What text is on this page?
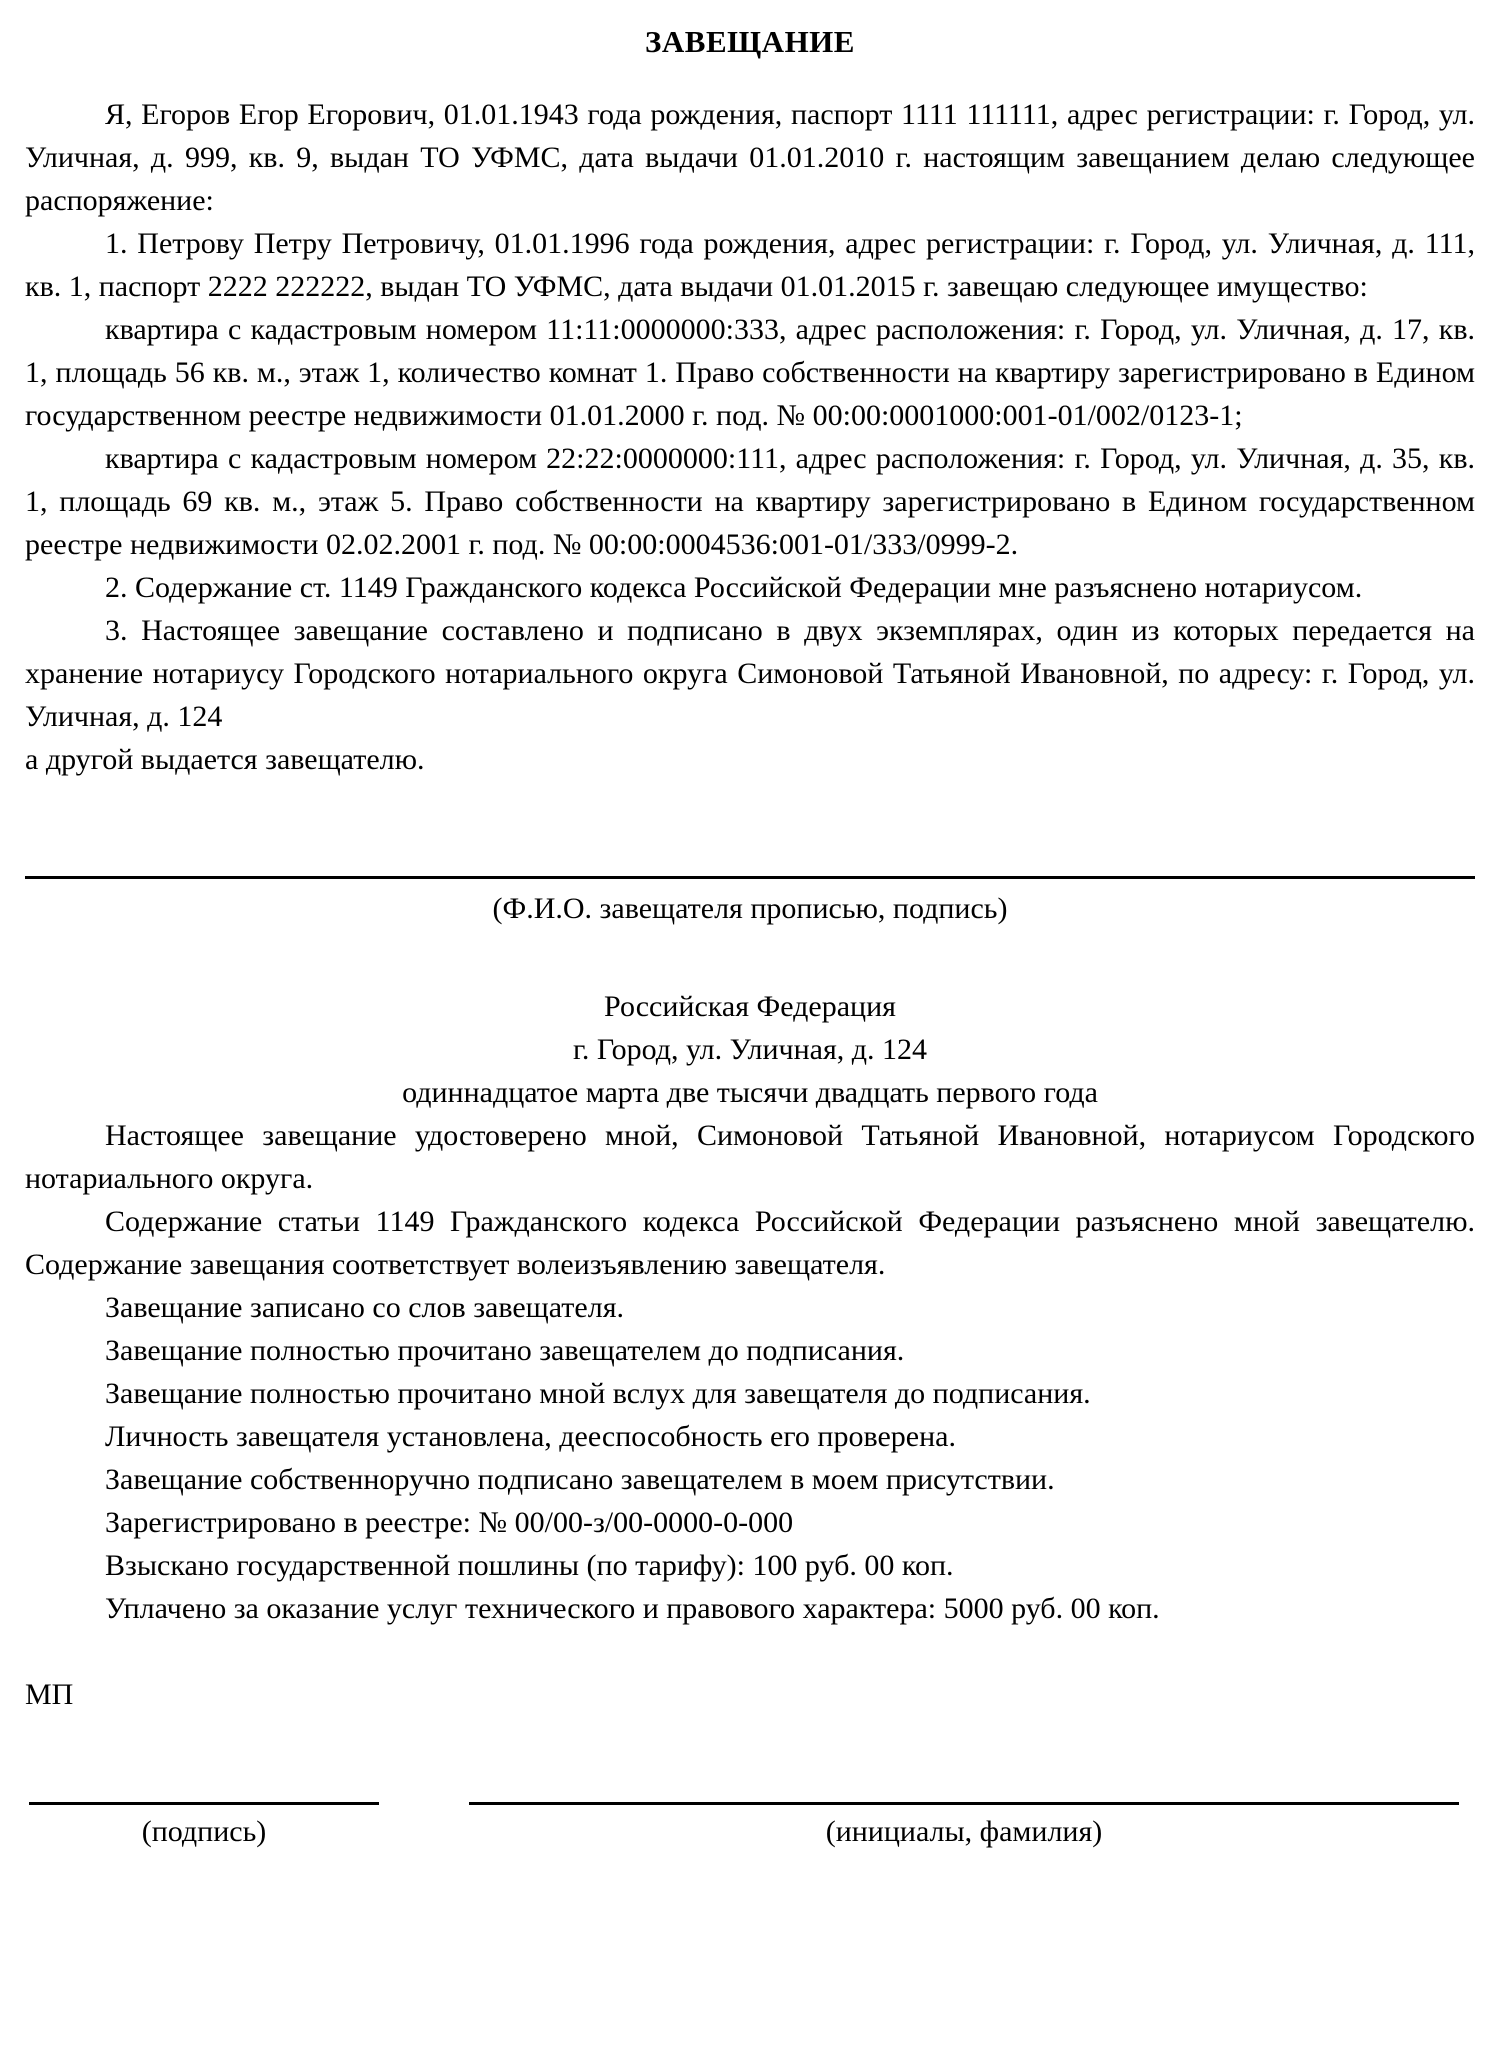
ЗАВЕЩАНИЕ

Я, Егоров Егор Егорович, 01.01.1943 года рождения, паспорт 1111 111111, адрес регистрации: г. Город, ул. Уличная, д. 999, кв. 9, выдан ТО УФМС, дата выдачи 01.01.2010 г. настоящим завещанием делаю следующее распоряжение:

1. Петрову Петру Петровичу, 01.01.1996 года рождения, адрес регистрации: г. Город, ул. Уличная, д. 111, кв. 1, паспорт 2222 222222, выдан ТО УФМС, дата выдачи 01.01.2015 г. завещаю следующее имущество:

квартира с кадастровым номером 11:11:0000000:333, адрес расположения: г. Город, ул. Уличная, д. 17, кв. 1, площадь 56 кв. м., этаж 1, количество комнат 1. Право собственности на квартиру зарегистрировано в Едином государственном реестре недвижимости 01.01.2000 г. под. № 00:00:0001000:001-01/002/0123-1;

квартира с кадастровым номером 22:22:0000000:111, адрес расположения: г. Город, ул. Уличная, д. 35, кв. 1, площадь 69 кв. м., этаж 5. Право собственности на квартиру зарегистрировано в Едином государственном реестре недвижимости 02.02.2001 г. под. № 00:00:0004536:001-01/333/0999-2.

2. Содержание ст. 1149 Гражданского кодекса Российской Федерации мне разъяснено нотариусом.

3. Настоящее завещание составлено и подписано в двух экземплярах, один из которых передается на хранение нотариусу Городского нотариального округа Симоновой Татьяной Ивановной, по адресу: г. Город, ул. Уличная, д. 124

а другой выдается завещателю.

(Ф.И.О. завещателя прописью, подпись)

Российская Федерация

г. Город, ул. Уличная, д. 124

одиннадцатое марта две тысячи двадцать первого года

Настоящее завещание удостоверено мной, Симоновой Татьяной Ивановной, нотариусом Городского нотариального округа.

Содержание статьи 1149 Гражданского кодекса Российской Федерации разъяснено мной завещателю. Содержание завещания соответствует волеизъявлению завещателя.

Завещание записано со слов завещателя.

Завещание полностью прочитано завещателем до подписания.

Завещание полностью прочитано мной вслух для завещателя до подписания.

Личность завещателя установлена, дееспособность его проверена.

Завещание собственноручно подписано завещателем в моем присутствии.

Зарегистрировано в реестре: № 00/00-з/00-0000-0-000

Взыскано государственной пошлины (по тарифу): 100 руб. 00 коп.

Уплачено за оказание услуг технического и правового характера: 5000 руб. 00 коп.

МП

(подпись)	(инициалы, фамилия)
